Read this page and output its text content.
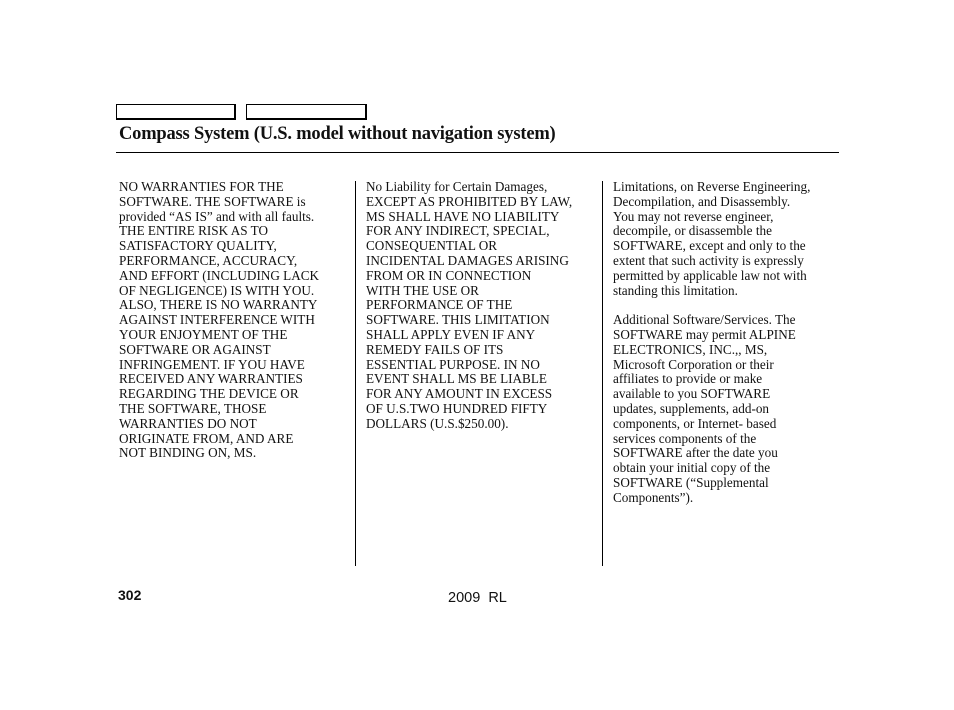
Compass System (U.S. model without navigation system)

NO WARRANTIES FOR THE
SOFTWARE. THE SOFTWARE is
provided “AS IS” and with all faults.
THE ENTIRE RISK AS TO
SATISFACTORY QUALITY,
PERFORMANCE, ACCURACY,
AND EFFORT (INCLUDING LACK
OF NEGLIGENCE) IS WITH YOU.
ALSO, THERE IS NO WARRANTY
AGAINST INTERFERENCE WITH
YOUR ENJOYMENT OF THE
SOFTWARE OR AGAINST
INFRINGEMENT. IF YOU HAVE
RECEIVED ANY WARRANTIES
REGARDING THE DEVICE OR
THE SOFTWARE, THOSE
WARRANTIES DO NOT
ORIGINATE FROM, AND ARE
NOT BINDING ON, MS.

No Liability for Certain Damages,
EXCEPT AS PROHIBITED BY LAW,
MS SHALL HAVE NO LIABILITY
FOR ANY INDIRECT, SPECIAL,
CONSEQUENTIAL OR
INCIDENTAL DAMAGES ARISING
FROM OR IN CONNECTION
WITH THE USE OR
PERFORMANCE OF THE
SOFTWARE. THIS LIMITATION
SHALL APPLY EVEN IF ANY
REMEDY FAILS OF ITS
ESSENTIAL PURPOSE. IN NO
EVENT SHALL MS BE LIABLE
FOR ANY AMOUNT IN EXCESS
OF U.S.TWO HUNDRED FIFTY
DOLLARS (U.S.$250.00).

Limitations, on Reverse Engineering,
Decompilation, and Disassembly.
You may not reverse engineer,
decompile, or disassemble the
SOFTWARE, except and only to the
extent that such activity is expressly
permitted by applicable law not with
standing this limitation.

Additional Software/Services. The
SOFTWARE may permit ALPINE
ELECTRONICS, INC.,, MS,
Microsoft Corporation or their
affiliates to provide or make
available to you SOFTWARE
updates, supplements, add-on
components, or Internet- based
services components of the
SOFTWARE after the date you
obtain your initial copy of the
SOFTWARE (“Supplemental
Components”).

302	2009  RL
